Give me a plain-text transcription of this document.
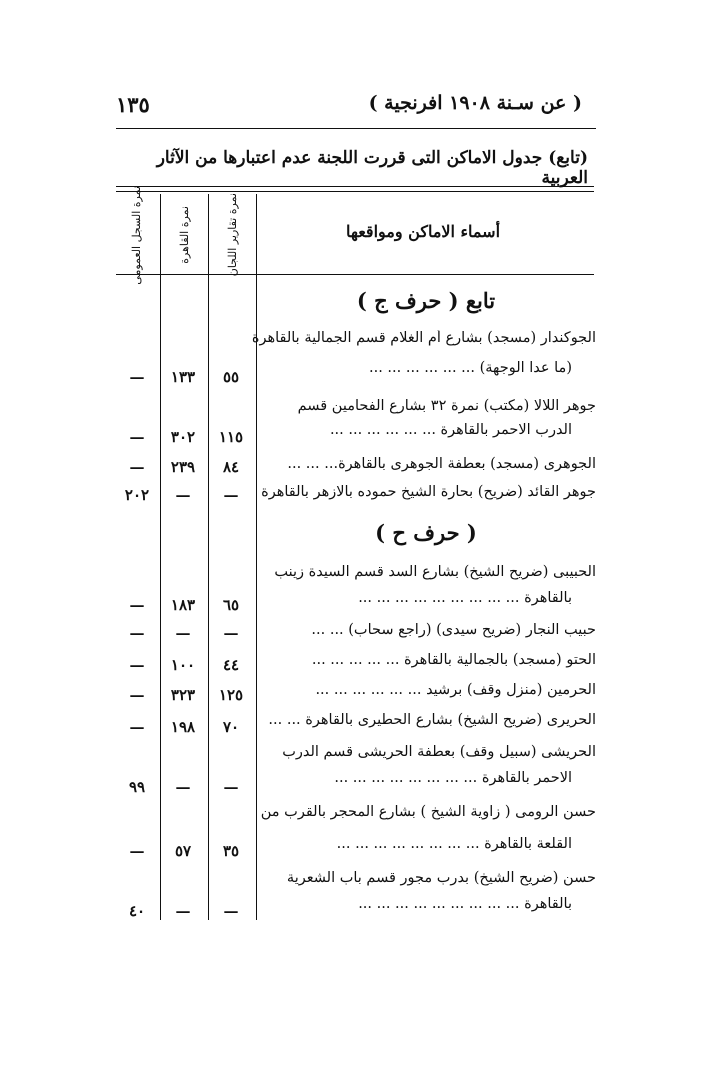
١٣٥	( عن سـنة ١٩٠٨ افرنجية )
(تابع) جدول الاماكن التى قررت اللجنة عدم اعتبارها من الآثار العربية
أسماء الاماكن ومواقعها
نمرة تقارير اللجان
نمرة القاهرة
نمرة السجل العمومى
تابع ( حرف ج )
الجوكندار (مسجد) بشارع أم الغلام قسم الجمالية بالقاهرة
(ما عدا الوجهة) ... ... ... ... ... ...
٥٥
١٣٣
—
جوهر اللالا (مكتب) نمرة ٣٢ بشارع الفحامين قسم
الدرب الاحمر بالقاهرة ... ... ... ... ... ...
١١٥
٣٠٢
—
الجوهرى (مسجد) بعطفة الجوهرى بالقاهرة... ... ...
٨٤
٢٣٩
—
جوهر القائد (ضريح) بحارة الشيخ حموده بالازهر بالقاهرة
—
—
٢٠٢
( حرف ح )
الحبيبى (ضريح الشيخ) بشارع السد قسم السيدة زينب
بالقاهرة ... ... ... ... ... ... ... ... ...
٦٥
١٨٣
—
حبيب النجار (ضريح سيدى) (راجع سحاب) ... ...
—
—
—
الحتو (مسجد) بالجمالية بالقاهرة ... ... ... ... ...
٤٤
١٠٠
—
الحرمين (منزل وقف) برشيد ... ... ... ... ... ...
١٢٥
٣٢٣
—
الحريرى (ضريح الشيخ) بشارع الحطيرى بالقاهرة ... ...
٧٠
١٩٨
—
الحريشى (سبيل وقف) بعطفة الحريشى قسم الدرب
الاحمر بالقاهرة ... ... ... ... ... ... ... ...
—
—
٩٩
حسن الرومى ( زاوية الشيخ ) بشارع المحجر بالقرب من
القلعة بالقاهرة ... ... ... ... ... ... ... ...
٣٥
٥٧
—
حسن (ضريح الشيخ) بدرب مجور قسم باب الشعرية
بالقاهرة ... ... ... ... ... ... ... ... ...
—
—
٤٠
